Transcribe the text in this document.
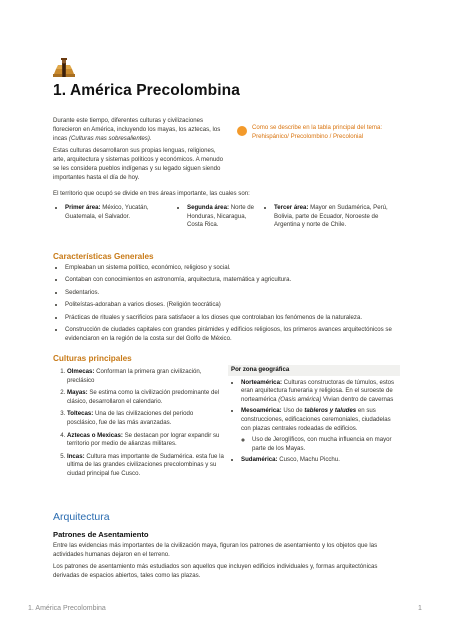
1. América Precolombina

Durante este tiempo, diferentes culturas y civilizaciones florecieron en América, incluyendo los mayas, los aztecas, los incas (Culturas mas sobresalientes).

Estas culturas desarrollaron sus propias lenguas, religiones, arte, arquitectura y sistemas políticos y económicos. A menudo se les considera pueblos indígenas y su legado siguen siendo importantes hasta el día de hoy.

Como se describe en la tabla principal del tema: Prehispánico/ Precolombino / Precolonial
El territorio que ocupó se divide en tres áreas importante, las cuales son:
• Primer área: México, Yucatán, Guatemala, el Salvador.
• Segunda área: Norte de Honduras, Nicaragua, Costa Rica.
• Tercer área: Mayor en Sudamérica, Perú, Bolivia, parte de Ecuador, Noroeste de Argentina y norte de Chile.
Características Generales
• Empleaban un sistema político, económico, religioso y social.
• Contaban con conocimientos en astronomía, arquitectura, matemática y agricultura.
• Sedentarios.
• Politeístas-adoraban a varios dioses. (Religión teocrática)
• Prácticas de rituales y sacrificios para satisfacer a los dioses que controlaban los fenómenos de la naturaleza.
• Construcción de ciudades capitales con grandes pirámides y edificios religiosos, los primeros avances arquitectónicos se evidenciaron en la región de la costa sur del Golfo de México.
Culturas principales
1. Olmecas: Conforman la primera gran civilización, preclásico
2. Mayas: Se estima como la civilización predominante del clásico, desarrollaron el calendario.
3. Toltecas: Una de las civilizaciones del periodo posclásico, fue de las más avanzadas.
4. Aztecas o Mexicas: Se destacan por lograr expandir su territorio por medio de alianzas militares.
5. Incas: Cultura mas importante de Sudamérica. esta fue la ultima de las grandes civilizaciones precolombinas y su ciudad principal fue Cusco.
Por zona geográfica
• Norteamérica: Culturas constructoras de túmulos, estos eran arquitectura funeraria y religiosa. En el suroeste de norteamérica (Oasis américa) Vivian dentro de cavernas
• Mesoamérica: Uso de tableros y taludes en sus construcciones, edificaciones ceremoniales, ciudadelas con plazas centrales rodeadas de edificios.
◦ Uso de Jeroglíficos, con mucha influencia en mayor parte de los Mayas.
• Sudamérica: Cusco, Machu Picchu.
Arquitectura
Patrones de Asentamiento

Entre las evidencias más importantes de la civilización maya, figuran los patrones de asentamiento y los objetos que las actividades humanas dejaron en el terreno.

Los patrones de asentamiento más estudiados son aquellos que incluyen edificios individuales y, formas arquitectónicas derivadas de espacios abiertos, tales como las plazas.

1. América Precolombina	1
